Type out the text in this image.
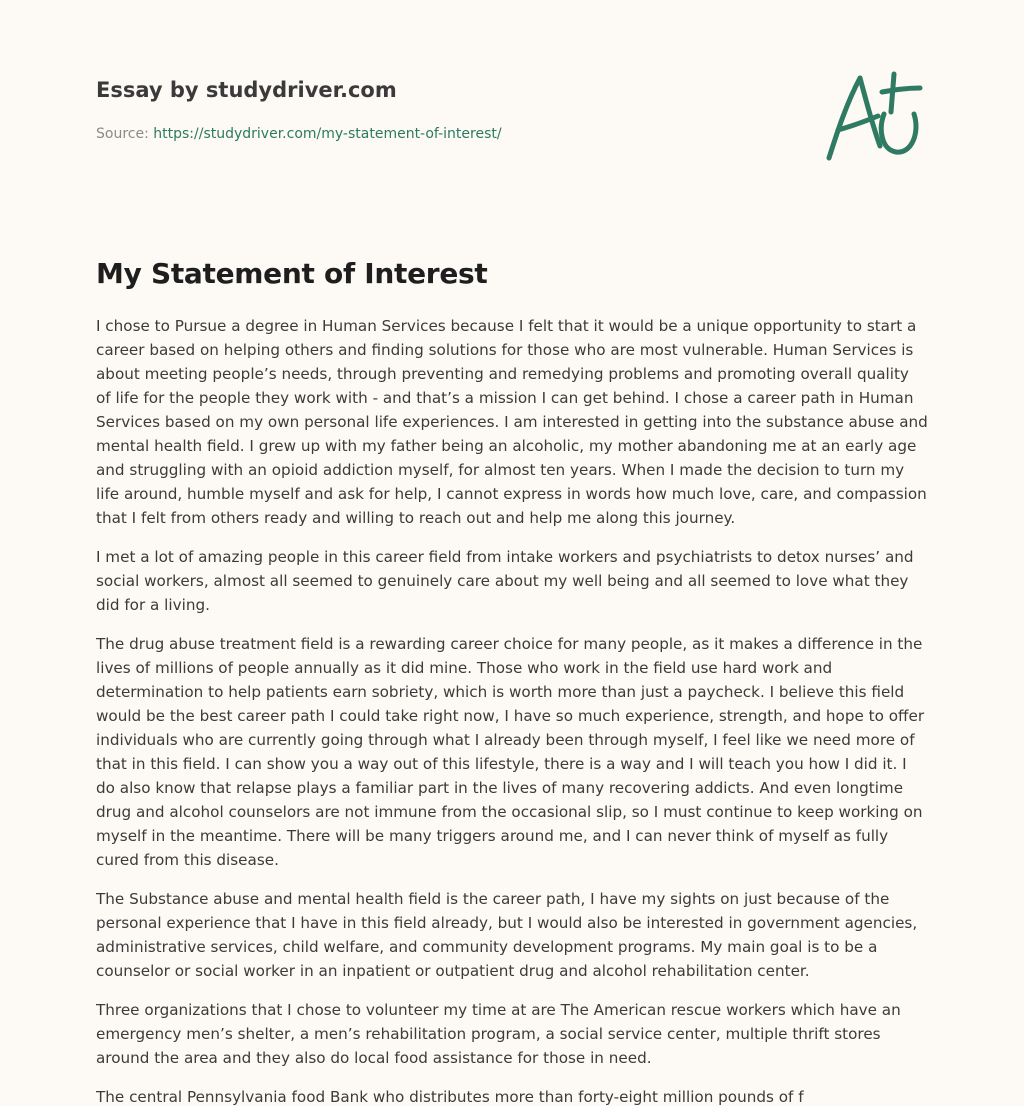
Essay by studydriver.com
Source: https://studydriver.com/my-statement-of-interest/
My Statement of Interest

I chose to Pursue a degree in Human Services because I felt that it would be a unique opportunity to start a career based on helping others and finding solutions for those who are most vulnerable. Human Services is about meeting people’s needs, through preventing and remedying problems and promoting overall quality of life for the people they work with - and that’s a mission I can get behind. I chose a career path in Human Services based on my own personal life experiences. I am interested in getting into the substance abuse and mental health field. I grew up with my father being an alcoholic, my mother abandoning me at an early age and struggling with an opioid addiction myself, for almost ten years. When I made the decision to turn my life around, humble myself and ask for help, I cannot express in words how much love, care, and compassion that I felt from others ready and willing to reach out and help me along this journey.

I met a lot of amazing people in this career field from intake workers and psychiatrists to detox nurses’ and social workers, almost all seemed to genuinely care about my well being and all seemed to love what they did for a living.

The drug abuse treatment field is a rewarding career choice for many people, as it makes a difference in the lives of millions of people annually as it did mine. Those who work in the field use hard work and determination to help patients earn sobriety, which is worth more than just a paycheck. I believe this field would be the best career path I could take right now, I have so much experience, strength, and hope to offer individuals who are currently going through what I already been through myself, I feel like we need more of that in this field. I can show you a way out of this lifestyle, there is a way and I will teach you how I did it. I do also know that relapse plays a familiar part in the lives of many recovering addicts. And even longtime drug and alcohol counselors are not immune from the occasional slip, so I must continue to keep working on myself in the meantime. There will be many triggers around me, and I can never think of myself as fully cured from this disease.

The Substance abuse and mental health field is the career path, I have my sights on just because of the personal experience that I have in this field already, but I would also be interested in government agencies, administrative services, child welfare, and community development programs. My main goal is to be a counselor or social worker in an inpatient or outpatient drug and alcohol rehabilitation center.

Three organizations that I chose to volunteer my time at are The American rescue workers which have an emergency men’s shelter, a men’s rehabilitation program, a social service center, multiple thrift stores around the area and they also do local food assistance for those in need.

The central Pennsylvania food Bank who distributes more than forty-eight million pounds of f
